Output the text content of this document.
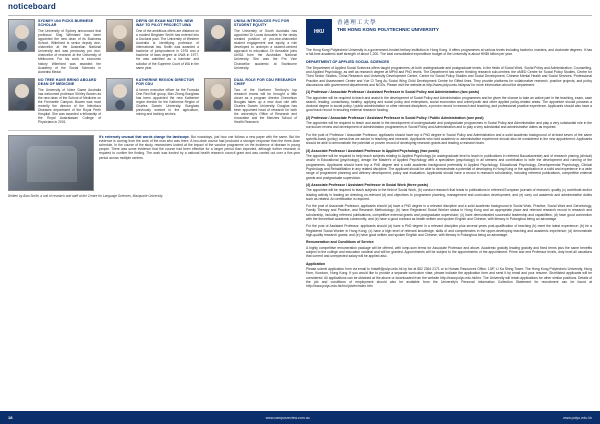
noticeboard
SYDNEY UNI PICKS BURMESE SCHOLAR
The University of Sydney announced that professor Sing Wilmhard has been appointed the new dean of its Business School. Wilmhard is senior deputy vice-chancellor at the Australian National University and was previously pro vice-chancellor of research at the University of Melbourne. For his work in economic history Wilmhard was awarded the Academy of the Social Sciences in Australia Medal.
DEFIN GE EXAM MATTER: NEW WAY TO PILOT PROJECT UWA
One of the ambitious offers are distance on a modest Bingham Smith has entered into a Doctoral pact. The University of Western Australia is identifying professor of international law. Smith was awarded a bachelor of jurisprudence in 1976 and a bachelor of laws degree at UWA in 1977. He was admitted as a barrister and solicitor of the Supreme Court of WA in the same year.
UNISA INTRODUCES PVC FOR STUDENT EQUITY
The University of South Australia has appointed Dr Lucas Anscable to the newly created position of pro-vice-chancellor student engagement and equity, a role developed to underpin a student-centred approach to education. Dr Anscable joins UniSA from the Australian National University. She was the Pro Vice Chancellor academic at Swinburne University.
NO TREE HAVE BRING ABOARD DEAN OF MEDICINE
The University of Notre Dame Australia has welcomed professor Shirley Bowen as the new dean of the School of Medicine on the Fremantle Campus. Bowen was most recently the director of the Infectious Diseases department of the Royal Perth Hospital. She was awarded a fellowship of the Royal Australasian College of Physicians in 2001.
KATHERINE REGION DIRECTOR FOR CDU
A former executive officer for the Formula One Red Bull group, Max Zhong Bunglass has been appointed the new Katherine region director for the Katherine Region of Charles Darwin University. Bunglass previously worked in the agriculture, mining and training sectors.
DUAL ROLE FOR CDU RESEARCH CHIEF
Two of the Northern Territory's top research teams will be brought a little closer as a program director Donnelson Bouglas takes up a new dual role with Charles Darwin University. Douglas has been appointed head of research for both the university's Office of Research and Innovation and the Menzies School of Health Research.
It's extremely unusual that words change the landscape. But nowadays, just how one follows a new paper with the same. But the evidence is coming from the work of the man who was there. A two-dose course had produced a stronger response than the three-dose schedule. In the course of the study, researchers looked at the impact of the vaccine programme on the incidence of disease in young people. There was some evidence that the course had been effective for a longer period than expected, although further research is required to confirm the finding. The work was funded by a national health research council grant and was carried out over a five-year period across multiple centres.
Written by Alan Smith, a unit of research and staff at the Centre for Language Sciences, Macquarie University.
HKU
香港理工大學
THE HONG KONG POLYTECHNIC UNIVERSITY

The Hong Kong Polytechnic University is a government-funded tertiary institution in Hong Kong. It offers programmes at various levels including bachelor, masters, and doctorate degrees. It has a full-time academic staff strength of about 1,200. The total consolidated expenditure budget of the University is about HK$5 billion per year.

DEPARTMENT OF APPLIED SOCIAL SCIENCES

The Department of Applied Social Sciences offers taught programmes, at both undergraduate and postgraduate levels, in the fields of Social Work, Social Policy and Administration, Counselling, and Applied Psychology, as well as research degree at MPhil and PhD levels. The Department has seven thinking research sub-centres: the uMED Centre for Social Policy Studies, Centre for Third Sector Studies, China Research and University Development Centre, Centre for Social Policy Studies and Social Development, Chinese Mental Health and Social Services, Professional Practice and Assessment Centre and Yue Ci Tong Au Social Wing Child Development Centre for Gifted lines. They provide platforms for collaborative research, practice projects, and policy discussions with government departments and NGOs. Please visit the website at http://www.polyu.edu.hk/apss/ for more information about the department.

(1) Professor / Associate Professor / Assistant Professor in Social Policy and Administration (two posts)

The appointee will be required to teach and assist in the development of Social Policy and Administration programmes and be given the chance to take an active part in the teaching, exam, case search, leading, consultancy, healthy, applying and social policy and enterprises, social economics and crime/youth and other applied policy-related areas. The appointee should possess a doctoral degree in social policy / public administration or other relevant disciplines, a proven record in research and teaching, and professional practice experience. Applicants should also have a good track record in securing external research funding.

(2) Professor / Associate Professor / Assistant Professor in Social Policy / Public Administration (one post)

The appointee will be required to teach and assist in the development of undergraduate and postgraduate programmes in Social Policy and Administration and play a very substantial role in the curriculum review and development of administration programmes in Social Policy and Administration and to play a very substantial and administrative duties as required.

For the post of Professor / Associate Professor, applicants should have top a PhD degree in Social Policy and Administration and a solid academic background of at least seven of the same specific-basis (policy) arena that we advice in teaching and research. Applicants who hold academic or administrative experience should also be considered in the new appointment. Applicants should be able to demonstrate the potential or proven record of developing research grants and leading a research team.

(3) Associate Professor / Assistant Professor in Applied Psychology (two posts)

The appointee will be required to help teach subjects relating to Applied Psychology (in undergraduate level to teach in publications in refereed Baccalaureate) and of research placing (clinical) and/or in Educational (psychology), design the Master's of Applied Psychology with a specialism (psychology) in all streams and contribution to both the development and running of the programmes. Applicants should have top a PhD degree and a solid academic background preferably in Applied Psychology, Educational Psychology, Developmental Psychology, Clinical Psychology and Rehabilitation in any related discipline. The applicant should be able to demonstrate a potential of developing in Hong Kong or the application in a solid and experience in a wide range of programme planning and delivery development, policy and evaluation. Applicants should have a record in research scholarship, including refereed publications, competitive external grants and postgraduate supervision.

(4) Associate Professor / Assistant Professor in Social Work (three posts)

The appointee will be required to teach subjects in the field of Social Work, (b) conduct research that leads to publications in refereed European journals of research, quality (c) contribute and/or leading activity in leading an directing on-relevant (d) and objectives to programme planning, management and curriculum development, and (e) carry out academic and administrative duties such as related. An certification is required.

For the post of Associate Professor, applicants should (a) have a PhD degree in a relevant discipline and a solid academic background in Social Work. Practice, Social Work and Gerontology, Family Therapy and Practice, and Research Methodology; (b) have Registered Social Worker status in Hong Kong and an appropriate place and relevant research record in research and scholarship, including refereed publications, competitive external grants and postgraduate supervision; (c) have demonstrated successful leadership and capabilities; (d) have good connection with the theoretical academic community; and (e) have a good contract as health written and spoken English and Chinese, with literacy in Putonghua being an advantage.

For the post of Assistant Professor, applicants should (a) have a PhD degree in a relevant discipline plus several years post-qualification of teaching (b) meet the latest experience; (b) be a Registered Social Worker in Hong Kong; (c) have a high level of relevant knowledge, skills of and competencies in the upper-developing teaching and academic experience; (d) demonstrate high-quality research grants; and (e) have good written and spoken English and Chinese, with literacy in Putonghua being an advantage.

Remuneration and Conditions of Service

A highly competitive remuneration package will be offered, with lump-sum terms for Associate Professor and above. Academic gratuity leading gratuity and fixed terms plus the same benefits subject to the college and education cardinal and will be granted. Appointments will be subject to the appointments of the appointment. Prime and end Professor levels, duty level all vacations that current and unexpected salary will be applied also.

Application

Please submit application form via email to hrstaff@polyu.edu.hk by fax at 852 2364 2171 or to Human Resources Office, 13/F, Li Ka Shing Tower, The Hong Kong Polytechnic University, Hung Hom, Kowloon, Hong Kong. If you would like to provide a separate curriculum vitae, please indicate the application form and send it by email and your resume. Shortlisted applicants will be considered. All applications can be obtained at the above or downloaded from the website http://www.polyu.edu.hk/hro. The University will retain applications for other similar positions. Details of the job and conditions of employment should also be available from the University's Personal Information Collection Statement for recruitment can be found at http://www.polyu.edu.hk/hro/job/en/index.htm

18	www.campusreview.com.au	www.polyu.edu.hk
